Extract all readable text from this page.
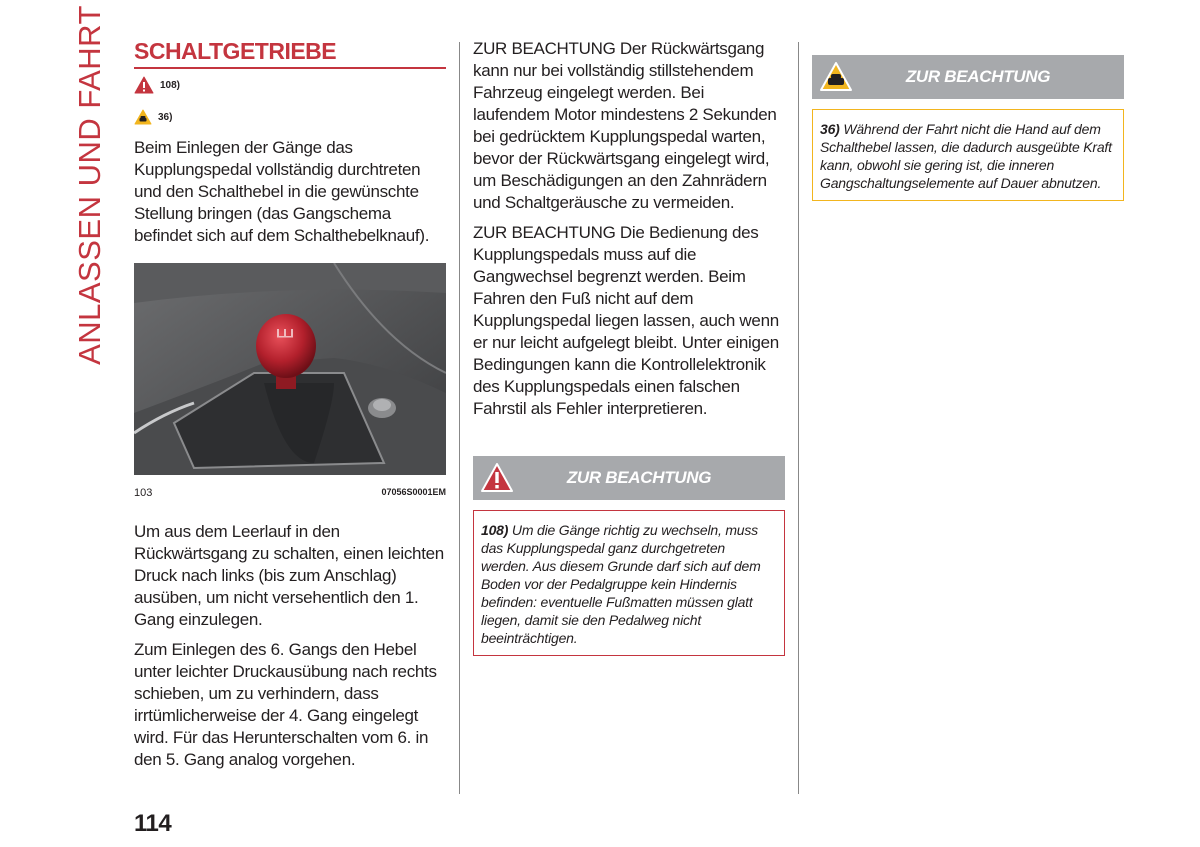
ANLASSEN UND FAHRT SCHALTGETRIEBE
108)
36)

Beim Einlegen der Gänge das Kupplungspedal vollständig durchtreten und den Schalthebel in die gewünschte Stellung bringen (das Gangschema befindet sich auf dem Schalthebelknauf).

103	07056S0001EM

Um aus dem Leerlauf in den Rückwärtsgang zu schalten, einen leichten Druck nach links (bis zum Anschlag) ausüben, um nicht versehentlich den 1. Gang einzulegen.

Zum Einlegen des 6. Gangs den Hebel unter leichter Druckausübung nach rechts schieben, um zu verhindern, dass irrtümlicherweise der 4. Gang eingelegt wird. Für das Herunterschalten vom 6. in den 5. Gang analog vorgehen.

ZUR BEACHTUNG Der Rückwärtsgang kann nur bei vollständig stillstehendem Fahrzeug eingelegt werden. Bei laufendem Motor mindestens 2 Sekunden bei gedrücktem Kupplungspedal warten, bevor der Rückwärtsgang eingelegt wird, um Beschädigungen an den Zahnrädern und Schaltgeräusche zu vermeiden.

ZUR BEACHTUNG Die Bedienung des Kupplungspedals muss auf die Gangwechsel begrenzt werden. Beim Fahren den Fuß nicht auf dem Kupplungspedal liegen lassen, auch wenn er nur leicht aufgelegt bleibt. Unter einigen Bedingungen kann die Kontrollelektronik des Kupplungspedals einen falschen Fahrstil als Fehler interpretieren.

ZUR BEACHTUNG
108) Um die Gänge richtig zu wechseln, muss das Kupplungspedal ganz durchgetreten werden. Aus diesem Grunde darf sich auf dem Boden vor der Pedalgruppe kein Hindernis befinden: eventuelle Fußmatten müssen glatt liegen, damit sie den Pedalweg nicht beeinträchtigen.
ZUR BEACHTUNG
36) Während der Fahrt nicht die Hand auf dem Schalthebel lassen, die dadurch ausgeübte Kraft kann, obwohl sie gering ist, die inneren Gangschaltungselemente auf Dauer abnutzen.
114
